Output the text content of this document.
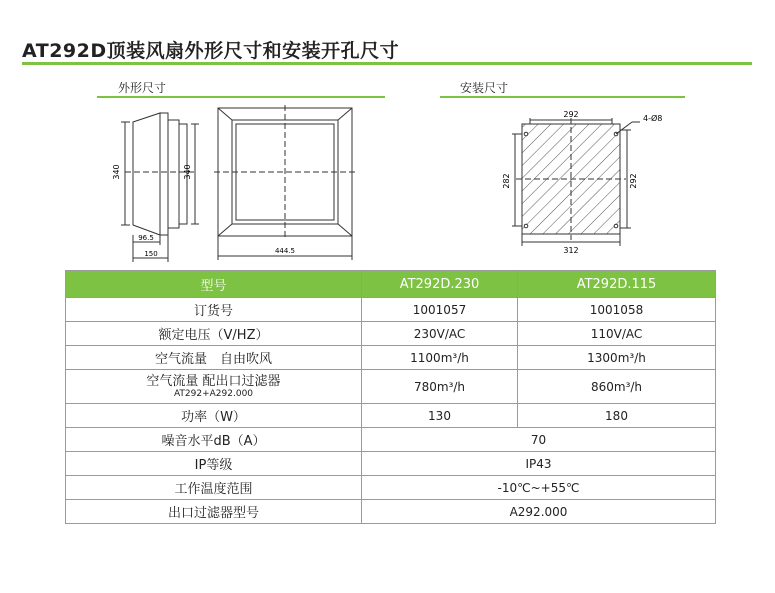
AT292D顶装风扇外形尺寸和安装开孔尺寸
外形尺寸	安装尺寸
340	340
96.5
150	444.5
292	4-Ø8
282	292
312
型号	AT292D.230	AT292D.115
订货号	1001057	1001058
额定电压（V/HZ）	230V/AC	110V/AC
空气流量　自由吹风	1100m³/h	1300m³/h

空气流量 配出口过滤器
AT292+A292.000	780m³/h	860m³/h
功率（W）	130	180
噪音水平dB（A）	70	
IP等级	IP43	
工作温度范围	-10℃~+55℃	
出口过滤器型号	A292.000	
